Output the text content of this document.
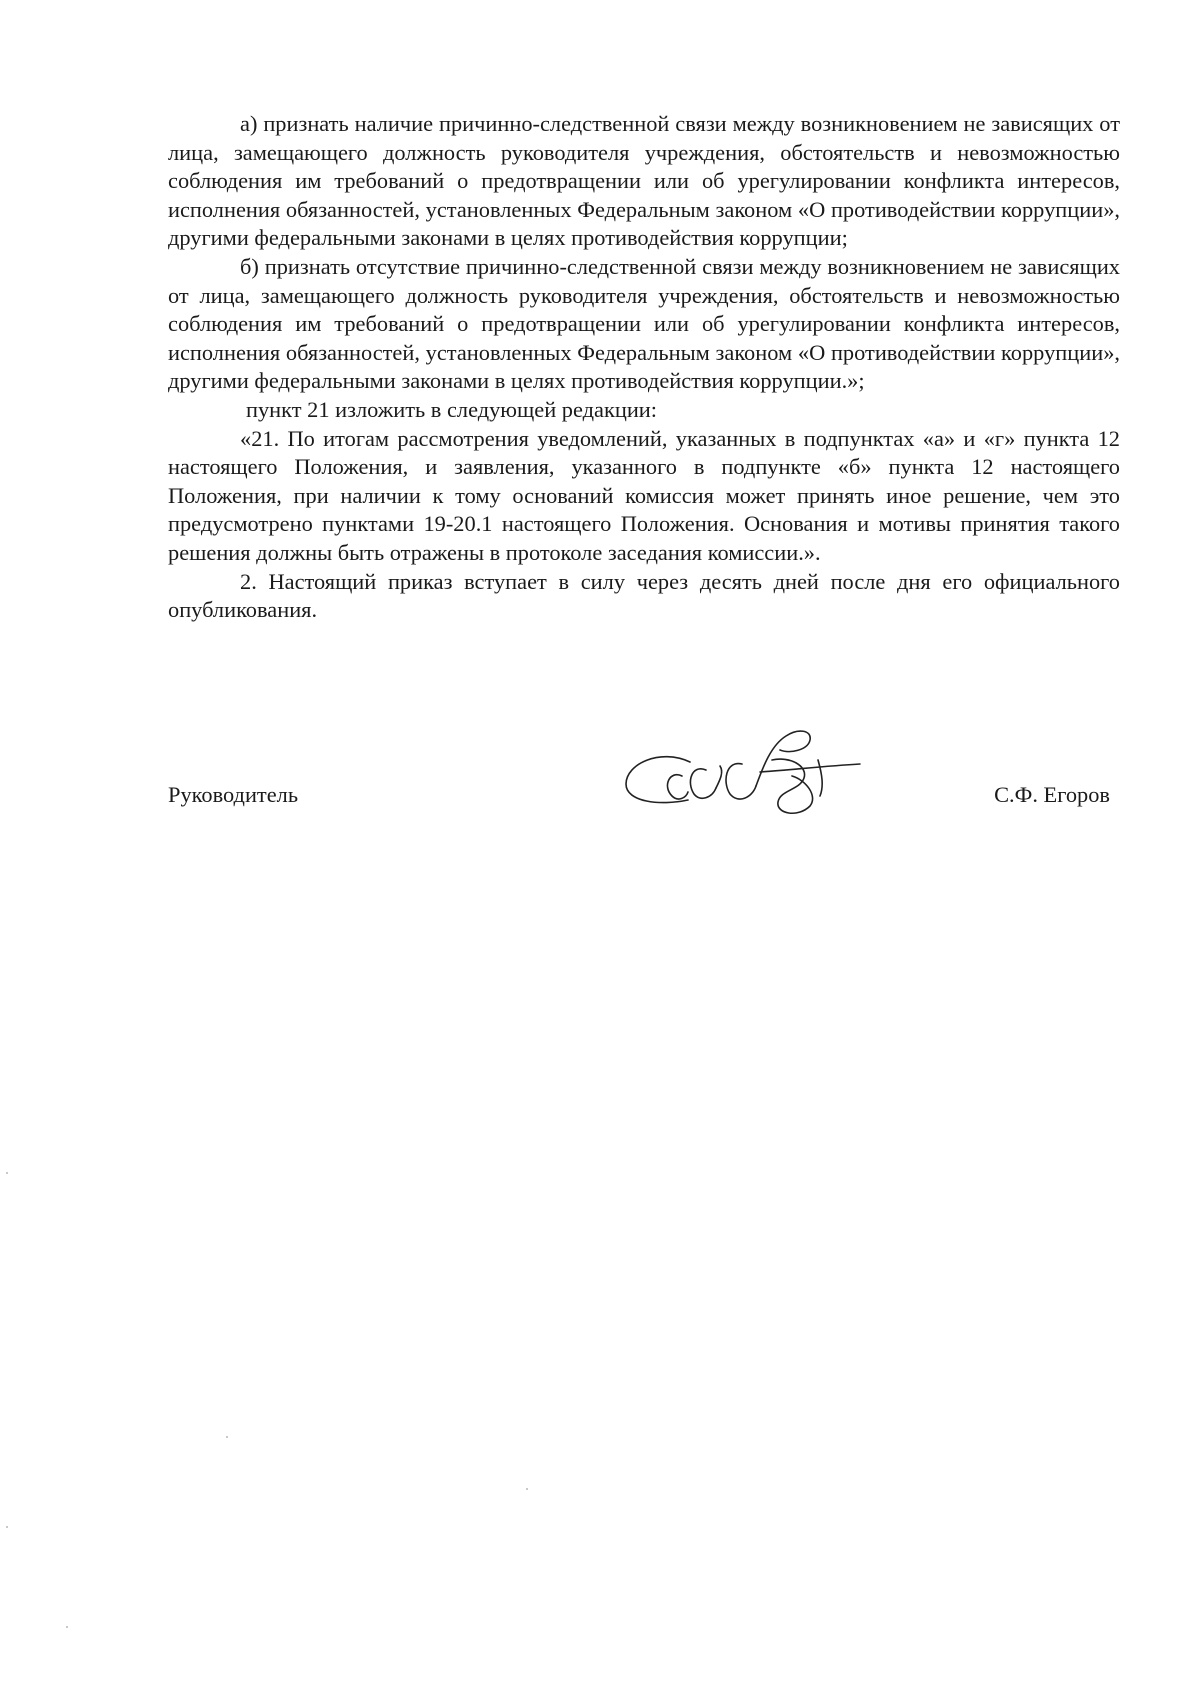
а) признать наличие причинно-следственной связи между возникновением не зависящих от лица, замещающего должность руководителя учреждения, обстоятельств и невозможностью соблюдения им требований о предотвращении или об урегулировании конфликта интересов, исполнения обязанностей, установленных Федеральным законом «О противодействии коррупции», другими федеральными законами в целях противодействия коррупции;

б) признать отсутствие причинно-следственной связи между возникновением не зависящих от лица, замещающего должность руководителя учреждения, обстоятельств и невозможностью соблюдения им требований о предотвращении или об урегулировании конфликта интересов, исполнения обязанностей, установленных Федеральным законом «О противодействии коррупции», другими федеральными законами в целях противодействия коррупции.»;

пункт 21 изложить в следующей редакции:

«21. По итогам рассмотрения уведомлений, указанных в подпунктах «а» и «г» пункта 12 настоящего Положения, и заявления, указанного в подпункте «б» пункта 12 настоящего Положения, при наличии к тому оснований комиссия может принять иное решение, чем это предусмотрено пунктами 19-20.1 настоящего Положения. Основания и мотивы принятия такого решения должны быть отражены в протоколе заседания комиссии.».

2. Настоящий приказ вступает в силу через десять дней после дня его официального опубликования.

Руководитель	С.Ф. Егоров
